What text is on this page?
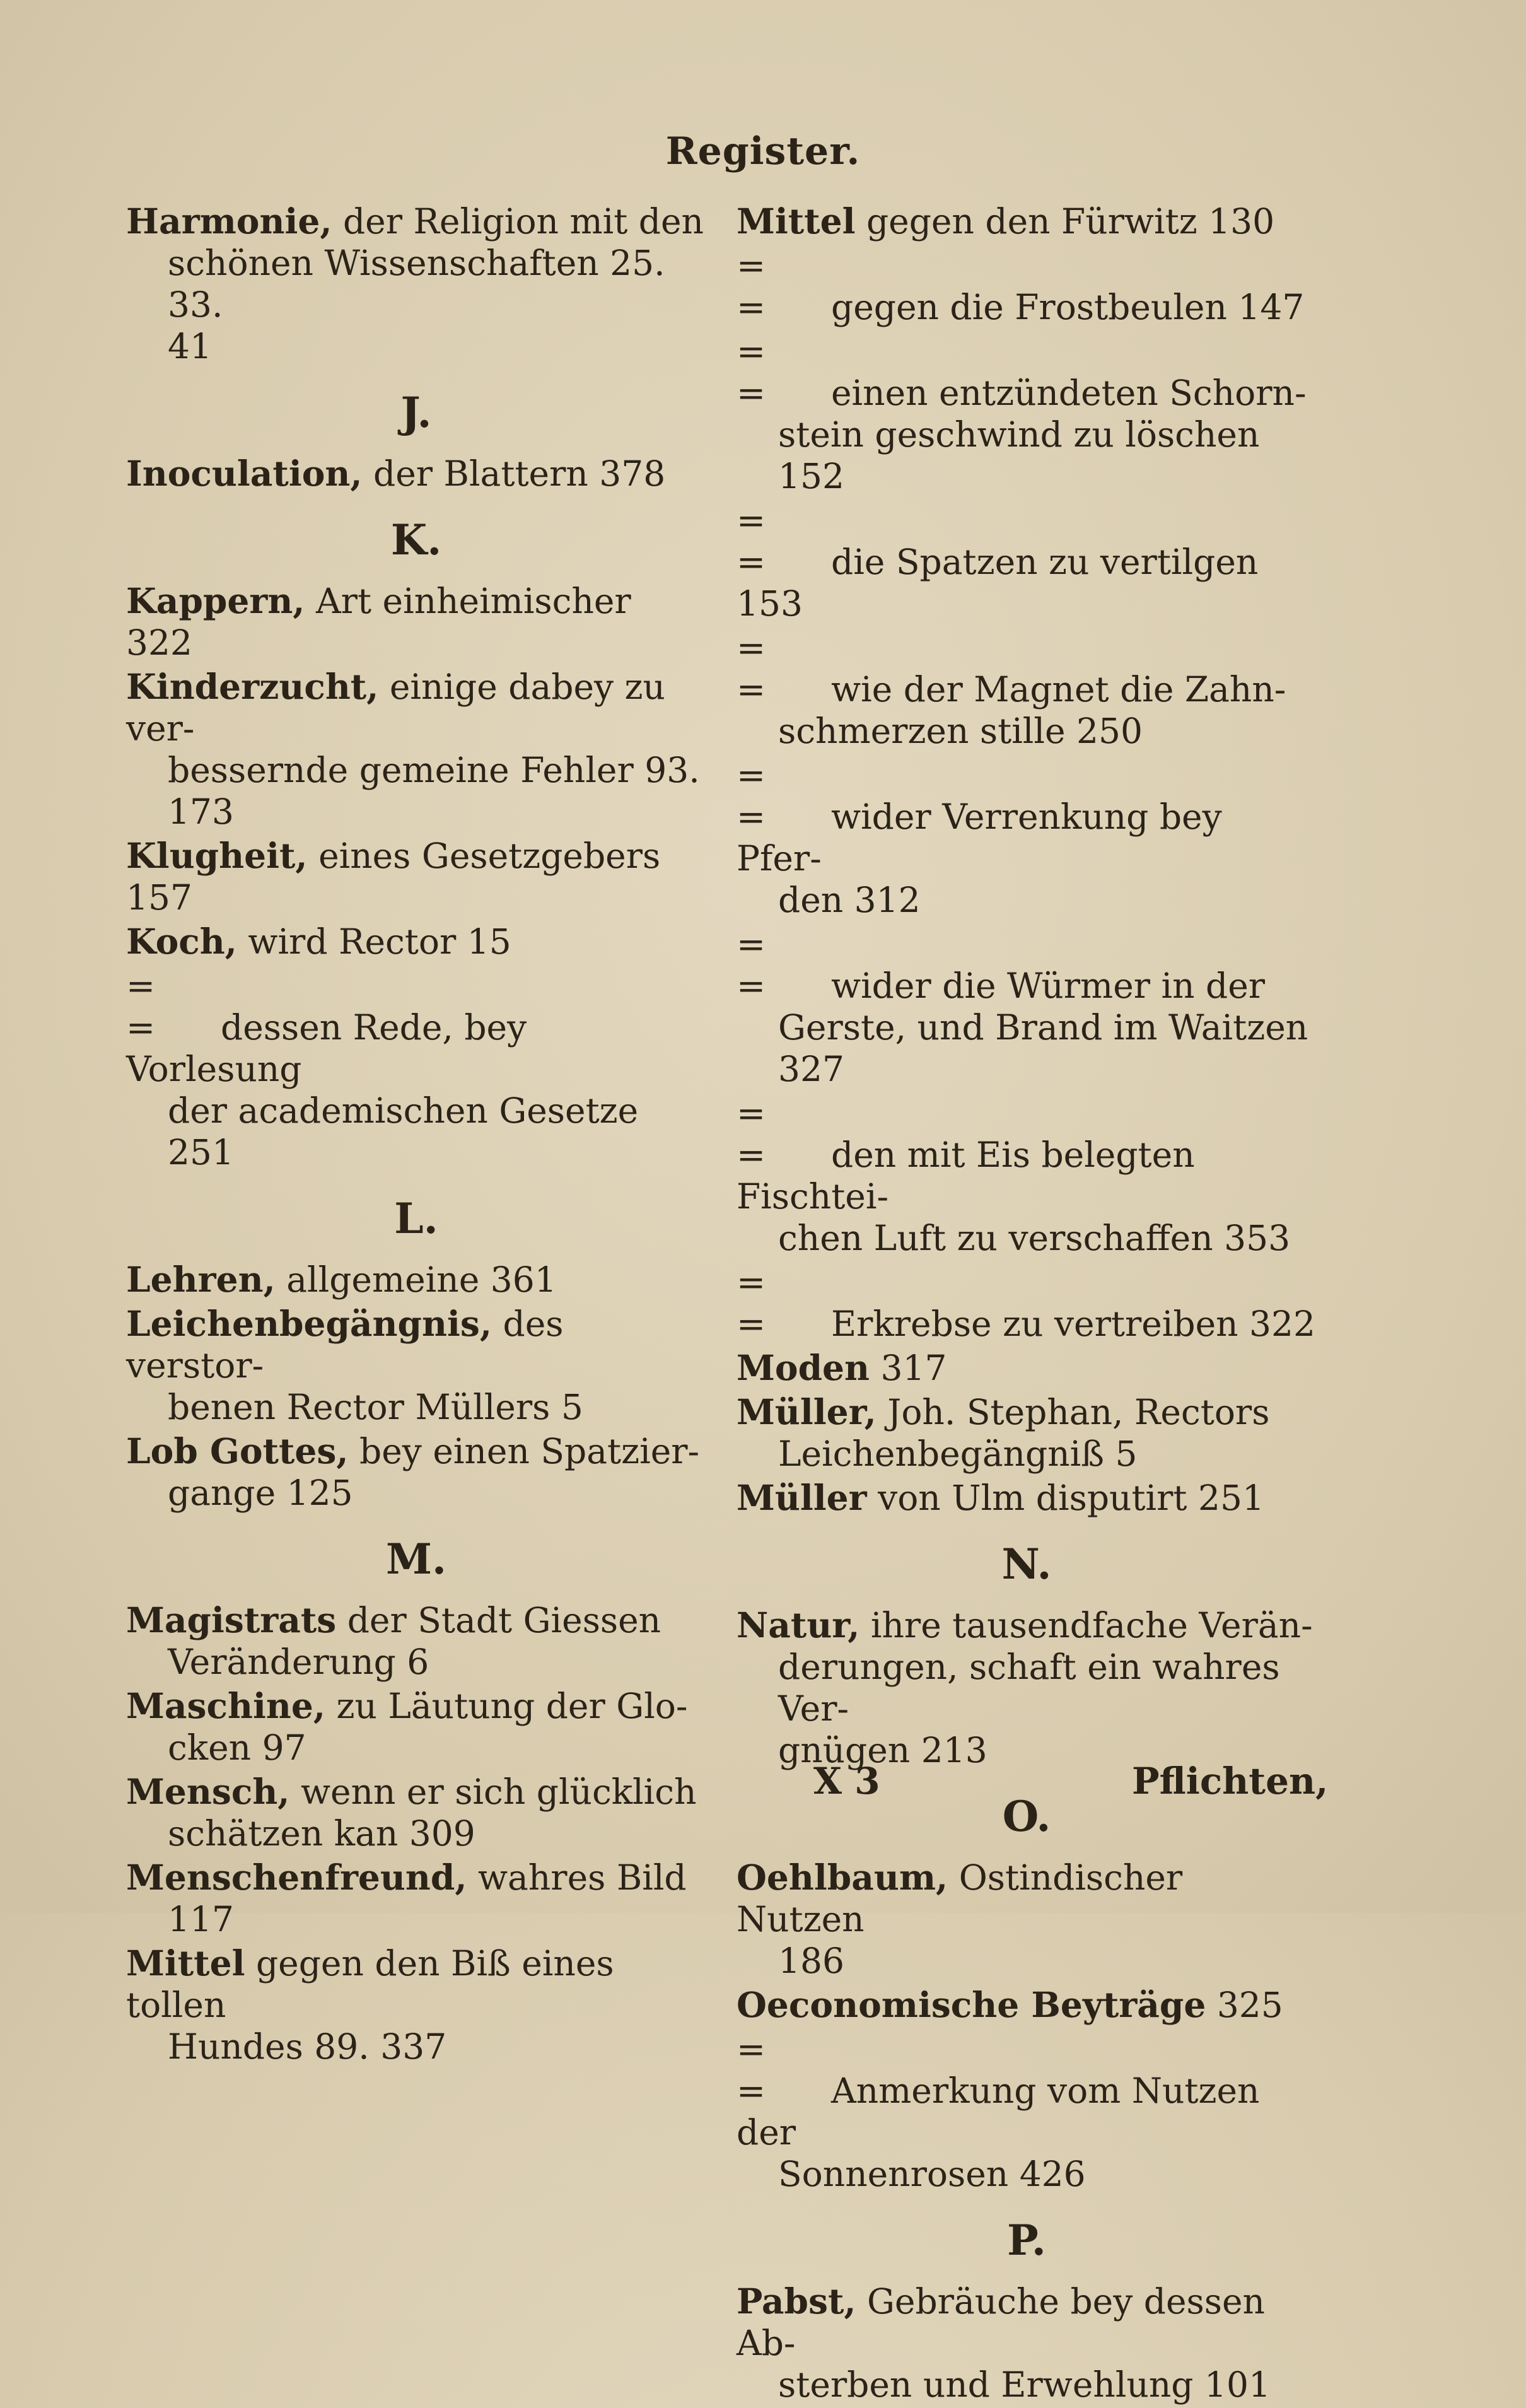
Register.
Harmonie, der Religion mit den
schönen Wissenschaften 25. 33.
41
J.
Inoculation, der Blattern 378
K.
Kappern, Art einheimischer 322
Kinderzucht, einige dabey zu ver-
bessernde gemeine Fehler 93. 173
Klugheit, eines Gesetzgebers 157
Koch, wird Rector 15
= = dessen Rede, bey Vorlesung
der academischen Gesetze 251
L.
Lehren, allgemeine 361
Leichenbegängnis, des verstor-
benen Rector Müllers 5
Lob Gottes, bey einen Spatzier-
gange 125
M.
Magistrats der Stadt Giessen
Veränderung 6
Maschine, zu Läutung der Glo-
cken 97
Mensch, wenn er sich glücklich
schätzen kan 309
Menschenfreund, wahres Bild
117
Mittel gegen den Biß eines tollen
Hundes 89. 337
Mittel gegen den Fürwitz 130
= = gegen die Frostbeulen 147
= = einen entzündeten Schorn-
stein geschwind zu löschen 152
= = die Spatzen zu vertilgen 153
= = wie der Magnet die Zahn-
schmerzen stille 250
= = wider Verrenkung bey Pfer-
den 312
= = wider die Würmer in der
Gerste, und Brand im Waitzen
327
= = den mit Eis belegten Fischtei-
chen Luft zu verschaffen 353
= = Erkrebse zu vertreiben 322
Moden 317
Müller, Joh. Stephan, Rectors
Leichenbegängniß 5
Müller von Ulm disputirt 251
N.
Natur, ihre tausendfache Verän-
derungen, schaft ein wahres Ver-
gnügen 213
O.
Oehlbaum, Ostindischer Nutzen
186
Oeconomische Beyträge 325
= = Anmerkung vom Nutzen der
Sonnenrosen 426
P.
Pabst, Gebräuche bey dessen Ab-
sterben und Erwehlung 101
X 3	Pflichten,
